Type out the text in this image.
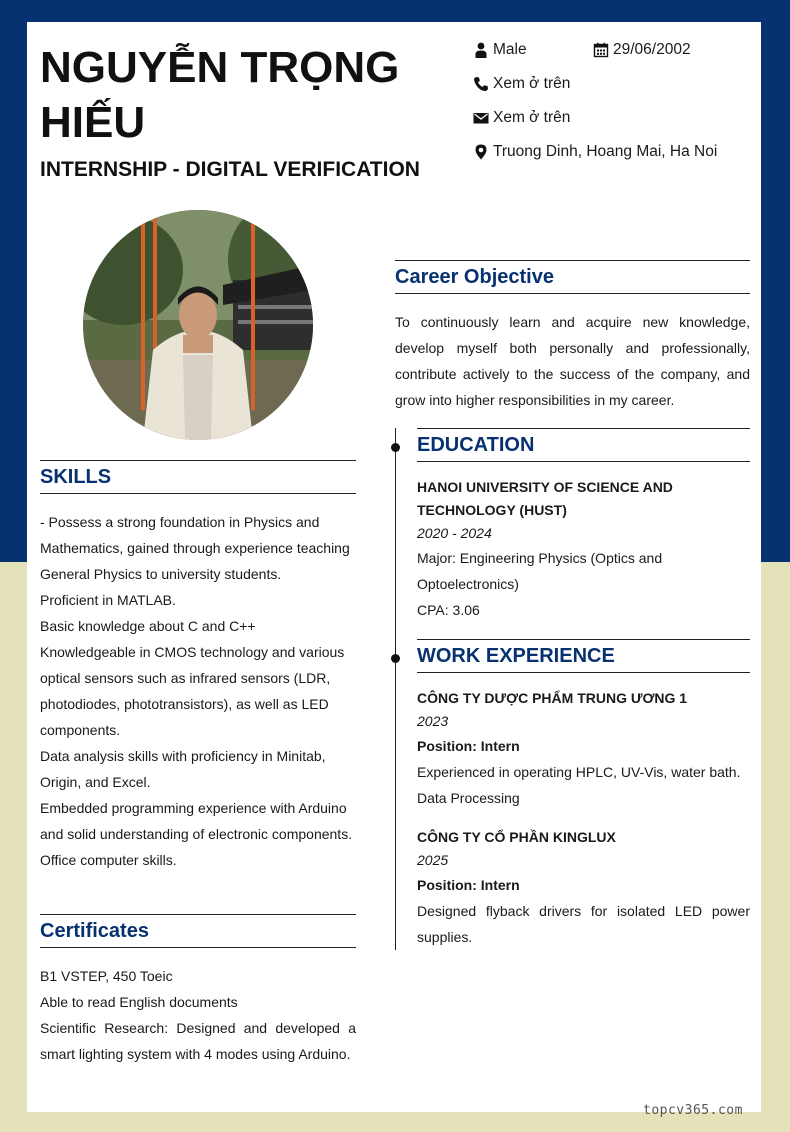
NGUYỄN TRỌNG HIẾU
INTERNSHIP - DIGITAL VERIFICATION
Male	29/06/2002
Xem ở trên
Xem ở trên
Truong Dinh, Hoang Mai, Ha Noi
SKILLS
- Possess a strong foundation in Physics and Mathematics, gained through experience teaching General Physics to university students.
Proficient in MATLAB.
Basic knowledge about C and C++
Knowledgeable in CMOS technology and various optical sensors such as infrared sensors (LDR, photodiodes, phototransistors), as well as LED components.
Data analysis skills with proficiency in Minitab, Origin, and Excel.
Embedded programming experience with Arduino and solid understanding of electronic components.
Office computer skills.
Certificates
B1 VSTEP, 450 Toeic
Able to read English documents
Scientific Research: Designed and developed a smart lighting system with 4 modes using Arduino.
Career Objective
To continuously learn and acquire new knowledge, develop myself both personally and professionally, contribute actively to the success of the company, and grow into higher responsibilities in my career.
EDUCATION
HANOI UNIVERSITY OF SCIENCE AND TECHNOLOGY (HUST)
2020 - 2024
Major: Engineering Physics (Optics and Optoelectronics)
CPA: 3.06
WORK EXPERIENCE
CÔNG TY DƯỢC PHẨM TRUNG ƯƠNG 1
2023
Position: Intern
Experienced in operating HPLC, UV-Vis, water bath. Data Processing
CÔNG TY CỔ PHẦN KINGLUX
2025
Position: Intern
Designed flyback drivers for isolated LED power supplies.
topcv365.com
